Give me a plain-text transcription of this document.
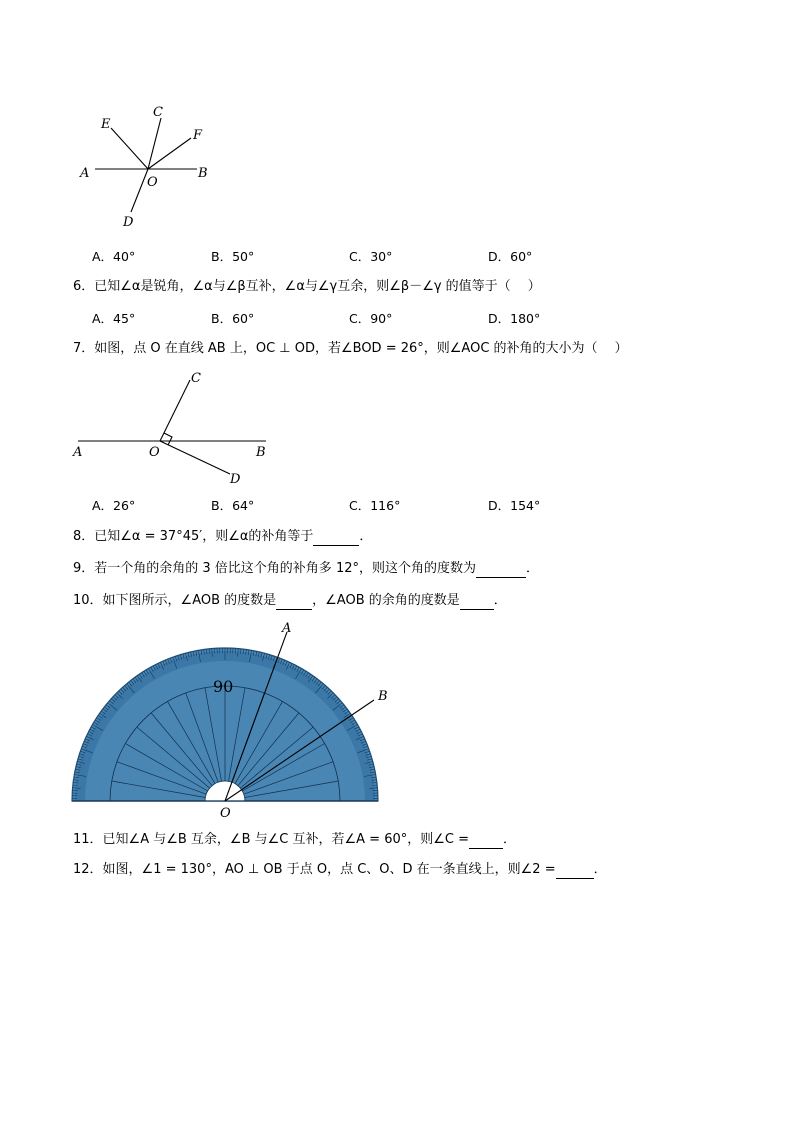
A	B
C
D
E
F
O
A．40°	B．50°	C．30°	D．60°
6．已知∠α是锐角，∠α与∠β互补，∠α与∠γ互余，则∠β－∠γ 的值等于（　 ）
A．45°	B．60°	C．90°	D．180°
7．如图，点 O 在直线 AB 上，OC ⊥ OD，若∠BOD = 26°，则∠AOC 的补角的大小为（　 ）
C
A	O	B
D
A．26°	B．64°	C．116°	D．154°
8．已知∠α = 37°45′，则∠α的补角等于	．
9．若一个角的余角的 3 倍比这个角的补角多 12°，则这个角的度数为	．
10．如下图所示，∠AOB 的度数是	，∠AOB 的余角的度数是	．
90
A
B
O
11．已知∠A 与∠B 互余，∠B 与∠C 互补，若∠A = 60°，则∠C =	．
12．如图，∠1 = 130°，AO ⊥ OB 于点 O，点 C、O、D 在一条直线上，则∠2 =	．
